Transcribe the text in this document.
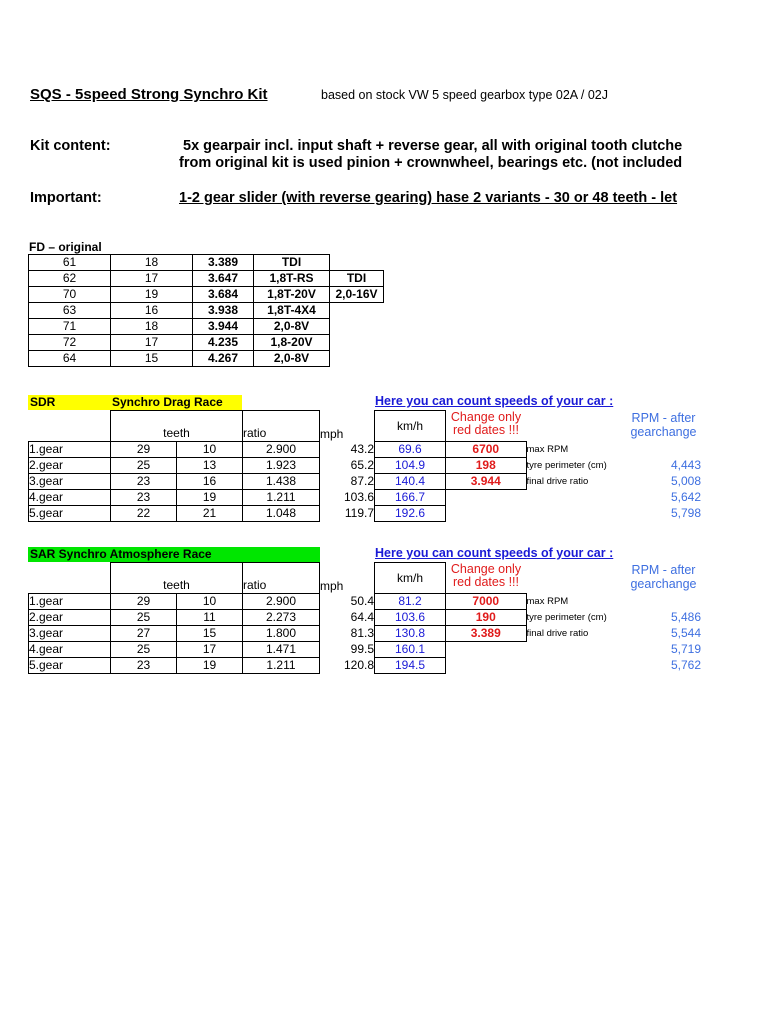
SQS - 5speed Strong Synchro Kit	based on stock VW 5 speed gearbox type 02A / 02J
Kit content:	5x gearpair incl. input shaft + reverse gear, all with original tooth clutche
from original kit is used pinion + crownwheel, bearings etc. (not included
Important:	1-2 gear slider (with reverse gearing) hase 2 variants - 30 or 48 teeth - let
FD – original
61	18	3.389	TDI	
62	17	3.647	1,8T-RS	TDI
70	19	3.684	1,8T-20V	2,0-16V
63	16	3.938	1,8T-4X4	
71	18	3.944	2,0-8V	
72	17	4.235	1,8-20V	
64	15	4.267	2,0-8V	
SDR	Synchro Drag Race	Here you can count speeds of your car :
	teeth		ratio	mph	km/h	Change only red dates !!!		RPM - after gearchange

1.gear	29	10	2.900	43.2	69.6	6700	max RPM	
2.gear	25	13	1.923	65.2	104.9	198	tyre perimeter (cm)	4,443
3.gear	23	16	1.438	87.2	140.4	3.944	final drive ratio	5,008
4.gear	23	19	1.211	103.6	166.7			5,642
5.gear	22	21	1.048	119.7	192.6			5,798
SAR Synchro Atmosphere Race	Here you can count speeds of your car :
	teeth		ratio	mph	km/h	Change only red dates !!!		RPM - after gearchange

1.gear	29	10	2.900	50.4	81.2	7000	max RPM	
2.gear	25	11	2.273	64.4	103.6	190	tyre perimeter (cm)	5,486
3.gear	27	15	1.800	81.3	130.8	3.389	final drive ratio	5,544
4.gear	25	17	1.471	99.5	160.1			5,719
5.gear	23	19	1.211	120.8	194.5			5,762
